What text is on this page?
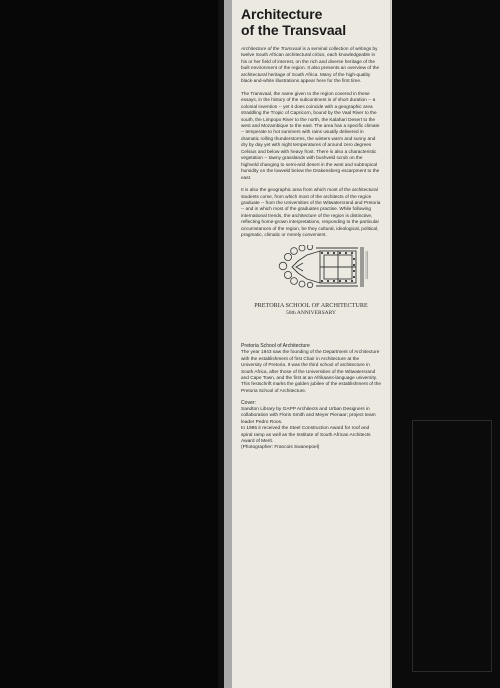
Architecture
of the Transvaal

Architecture of the Transvaal is a seminal collection of writings by twelve South African architectural critics, each knowledgeable in his or her field of interest, on the rich and diverse heritage of the built environment of the region. It also presents an overview of the architectural heritage of South Africa. Many of the high-quality black-and-white illustrations appear here for the first time.

The Transvaal, the name given to the region covered in these essays, in the history of the subcontinent is of short duration -- a colonial invention -- yet it does coincide with a geographic area straddling the Tropic of Capricorn, bound by the Vaal River to the south, the Limpopo River to the north, the Kalahari Desert to the west and Mozambique to the east. The area has a specific climate -- temperate to hot summers with rains usually delivered in dramatic rolling thunderstorms, the winters warm and sunny and dry by day yet with night temperatures of around zero degrees Celsius and below with heavy frost. There is also a characteristic vegetation -- tawny grasslands with bushveld scrub on the highveld changing to semi-arid desert in the west and subtropical humidity on the lowveld below the Drakensberg escarpment to the east.

It is also the geographic area from which most of the architectural students come, from which most of the architects of the region graduate -- from the Universities of the Witwatersrand and Pretoria -- and in which most of the graduates practise. While following international trends, the architecture of the region is distinctive, reflecting home-grown interpretations, responding to the particular circumstances of the region, be they cultural, ideological, political, pragmatic, climatic or merely convenient.

PRETORIA SCHOOL OF ARCHITECTURE
50th ANNIVERSARY

Pretoria School of Architecture

The year 1943 saw the founding of the Department of Architecture with the establishment of first Chair in Architecture at the University of Pretoria. It was the third school of architecture in South Africa, after those of the Universities of the Witwatersrand and Cape Town, and the first at an Afrikaans-language university. This festschrift marks the golden jubilee of the establishment of the Pretoria School of Architecture.

Cover:

Sandton Library by GAPP Architects and Urban Designers in collaboration with Floris Smith and Meyer Pienaar; project team leader Pedro Roos.
In 1995 it received the Steel Construction Award for roof and spiral ramp as well as the Institute of South African Architects Award of Merit.
(Photographer: Francois Swanepoel)
